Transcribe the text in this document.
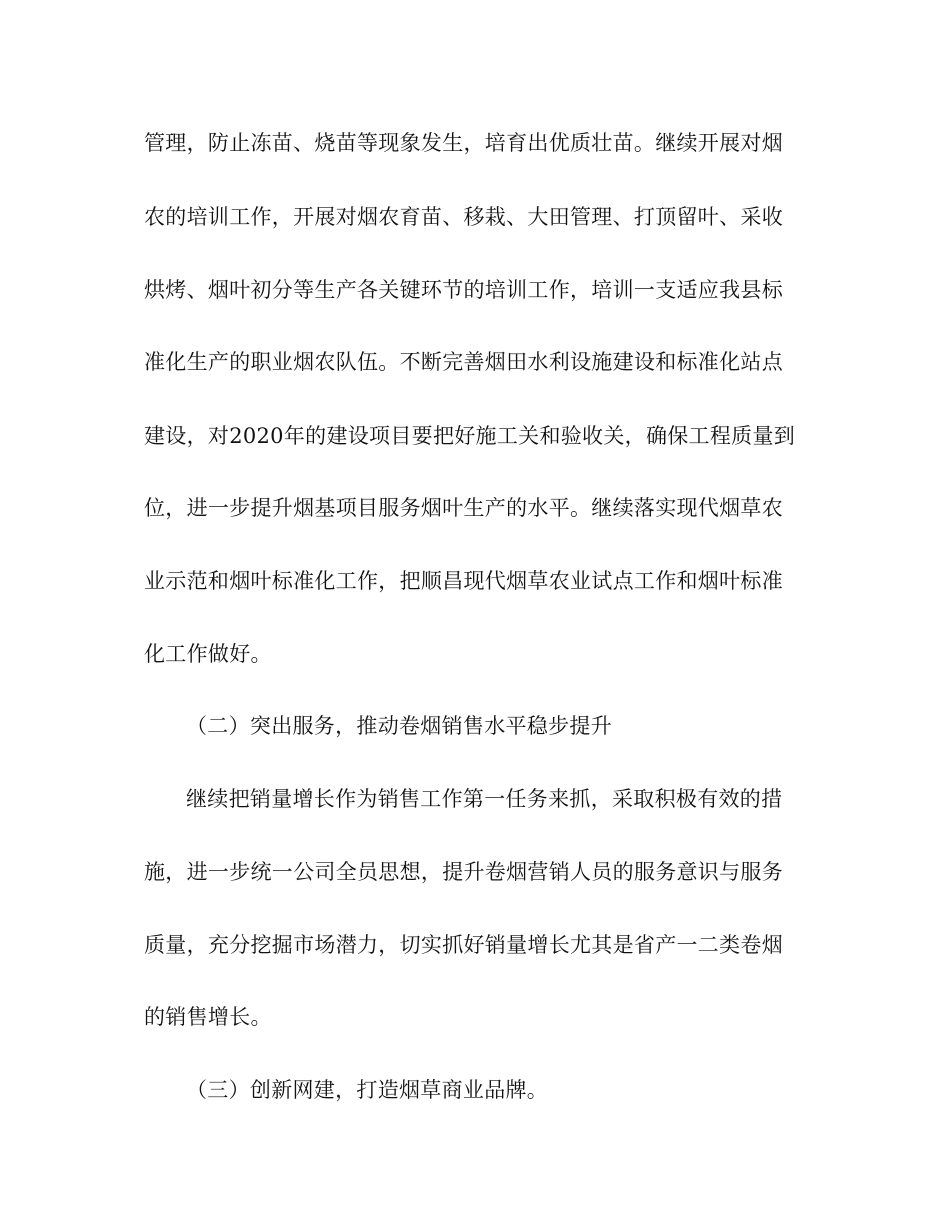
管理，防止冻苗、烧苗等现象发生，培育出优质壮苗。继续开展对烟
农的培训工作，开展对烟农育苗、移栽、大田管理、打顶留叶、采收
烘烤、烟叶初分等生产各关键环节的培训工作，培训一支适应我县标
准化生产的职业烟农队伍。不断完善烟田水利设施建设和标准化站点
建设，对2020年的建设项目要把好施工关和验收关，确保工程质量到
位，进一步提升烟基项目服务烟叶生产的水平。继续落实现代烟草农
业示范和烟叶标准化工作，把顺昌现代烟草农业试点工作和烟叶标准
化工作做好。
（二）突出服务，推动卷烟销售水平稳步提升
继续把销量增长作为销售工作第一任务来抓，采取积极有效的措
施，进一步统一公司全员思想，提升卷烟营销人员的服务意识与服务
质量，充分挖掘市场潜力，切实抓好销量增长尤其是省产一二类卷烟
的销售增长。
（三）创新网建，打造烟草商业品牌。
